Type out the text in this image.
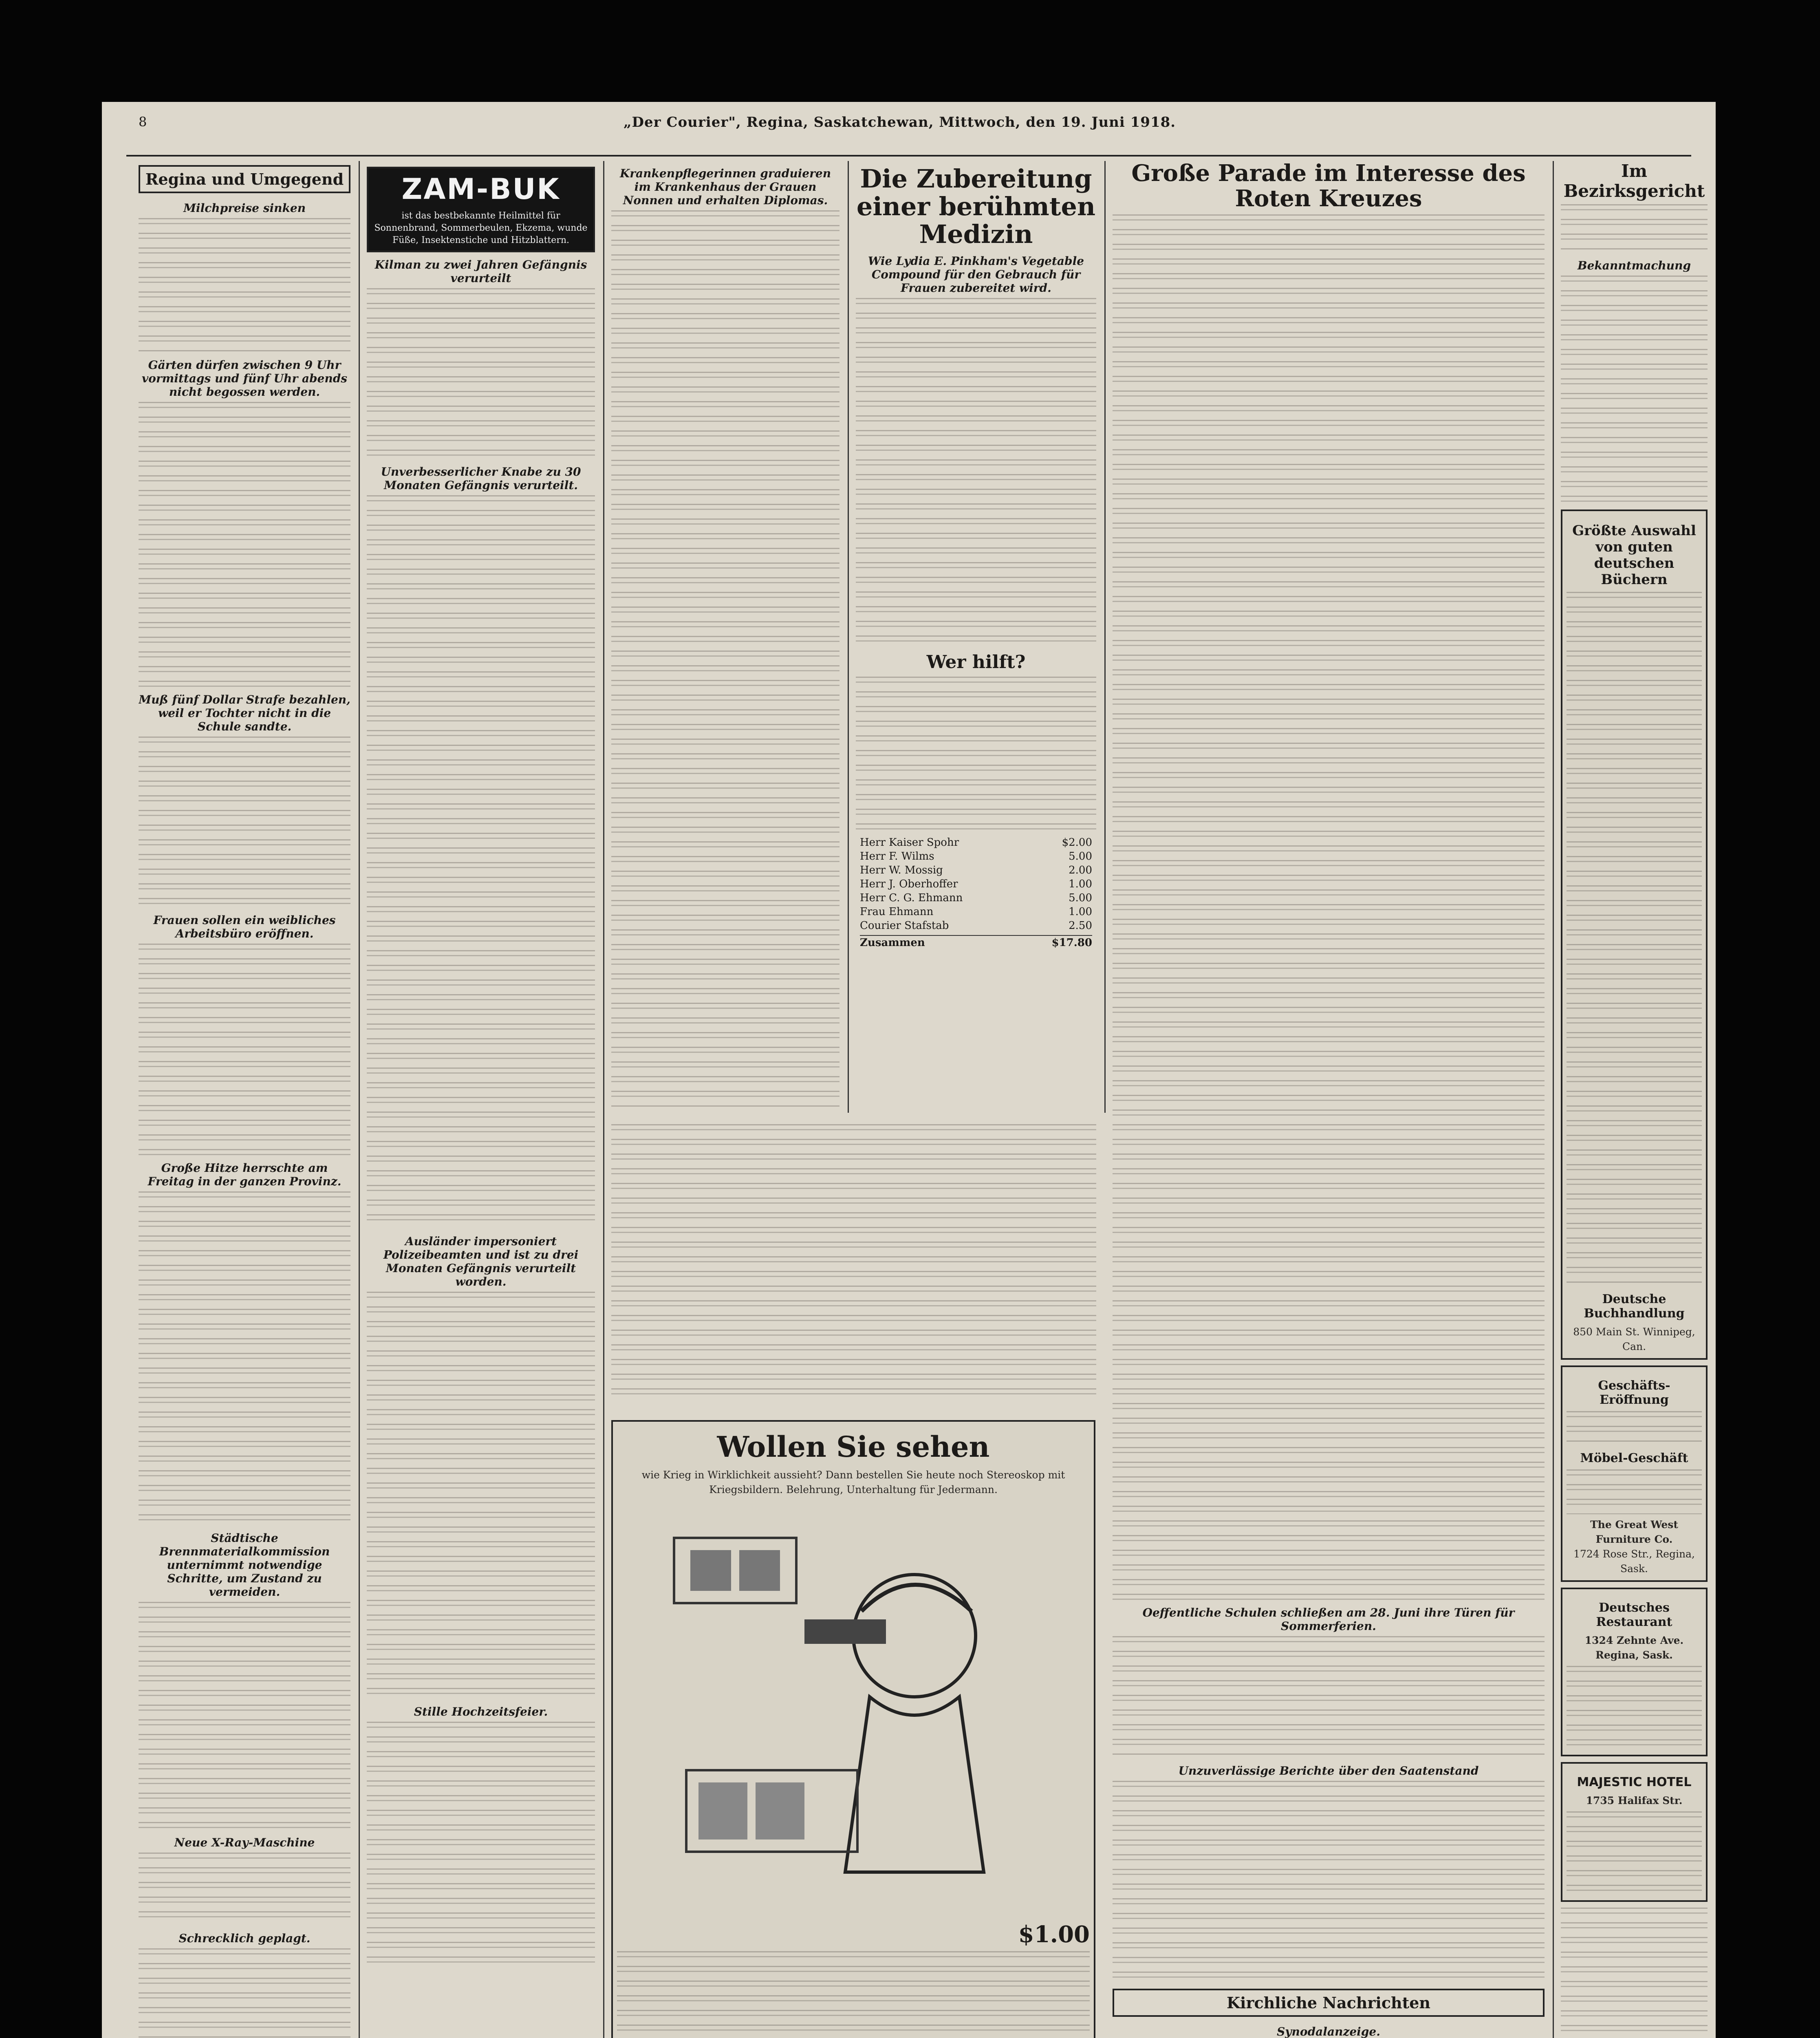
8	„Der Courier", Regina, Saskatchewan, Mittwoch, den 19. Juni 1918.
Regina und Umgegend
Milchpreise sinken
Gärten dürfen zwischen 9 Uhr vormittags und fünf Uhr abends nicht begossen werden.
Muß fünf Dollar Strafe bezahlen, weil er Tochter nicht in die Schule sandte.
Frauen sollen ein weibliches Arbeitsbüro eröffnen.
Große Hitze herrschte am Freitag in der ganzen Provinz.
Städtische Brennmaterialkommission unternimmt notwendige Schritte, um Zustand zu vermeiden.
Neue X-Ray-Maschine
Schrecklich geplagt.
ZAM-BUK
ist das bestbekannte Heilmittel für Sonnenbrand, Sommerbeulen, Ekzema, wunde Füße, Insektenstiche und Hitzblattern.
Kilman zu zwei Jahren Gefängnis verurteilt
Unverbesserlicher Knabe zu 30 Monaten Gefängnis verurteilt.
Ausländer impersoniert Polizeibeamten und ist zu drei Monaten Gefängnis verurteilt worden.
Stille Hochzeitsfeier.
Krankenpflegerinnen graduieren im Krankenhaus der Grauen Nonnen und erhalten Diplomas.
Die Zubereitung einer berühmten Medizin
Wie Lydia E. Pinkham's Vegetable Compound für den Gebrauch für Frauen zubereitet wird.
Wer hilft?
Herr Kaiser Spohr	$2.00
Herr F. Wilms	5.00
Herr W. Mossig	2.00
Herr J. Oberhoffer	1.00
Herr C. G. Ehmann	5.00
Frau Ehmann	1.00
Courier Stafstab	2.50
Zusammen	$17.80
Wollen Sie sehen
wie Krieg in Wirklichkeit aussieht? Dann bestellen Sie heute noch Stereoskop mit Kriegsbildern. Belehrung, Unterhaltung für Jedermann.
$1.00
Große Parade im Interesse des Roten Kreuzes
Oeffentliche Schulen schließen am 28. Juni ihre Türen für Sommerferien.
Unzuverlässige Berichte über den Saatenstand
Kirchliche Nachrichten
Synodalanzeige.
Im Bezirksgericht
Bekanntmachung
Größte Auswahl von guten deutschen Büchern
Deutsche Buchhandlung
850 Main St. Winnipeg, Can.
Geschäfts-Eröffnung
Möbel-Geschäft
The Great West Furniture Co.
1724 Rose Str., Regina, Sask.
Deutsches Restaurant
1324 Zehnte Ave. Regina, Sask.
MAJESTIC HOTEL
1735 Halifax Str.
